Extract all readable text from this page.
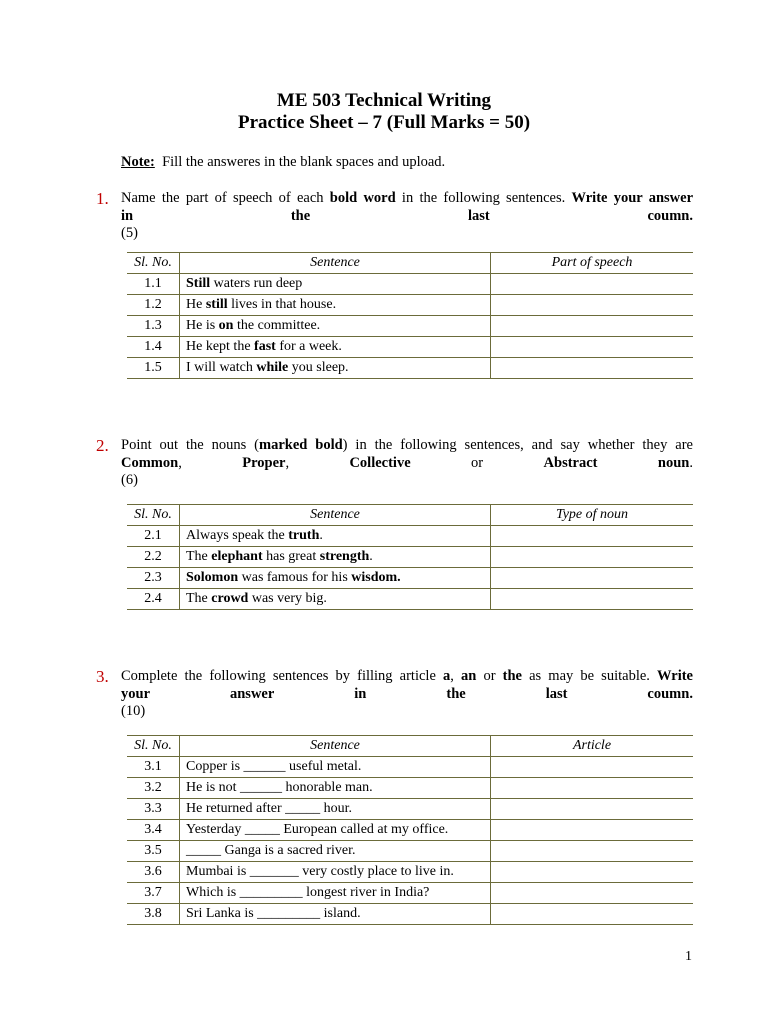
ME 503 Technical Writing
Practice Sheet – 7 (Full Marks = 50)
Note: Fill the answeres in the blank spaces and upload.
1. Name the part of speech of each bold word in the following sentences. Write your answer
in	the	last	coumn.
(5)
Sl. No.	Sentence	Part of speech
1.1	Still waters run deep	
1.2	He still lives in that house.	
1.3	He is on the committee.	
1.4	He kept the fast for a week.	
1.5	I will watch while you sleep.	
2. Point out the nouns (marked bold) in the following sentences, and say whether they are
Common,	Proper,	Collective	or	Abstract	noun.
(6)
Sl. No.	Sentence	Type of noun
2.1	Always speak the truth.	
2.2	The elephant has great strength.	
2.3	Solomon was famous for his wisdom.	
2.4	The crowd was very big.	
3. Complete the following sentences by filling article a, an or the as may be suitable. Write
your	answer	in	the	last	coumn.
(10)
Sl. No.	Sentence	Article
3.1	Copper is ______ useful metal.	
3.2	He is not ______ honorable man.	
3.3	He returned after _____ hour.	
3.4	Yesterday _____ European called at my office.	
3.5	_____ Ganga is a sacred river.	
3.6	Mumbai is _______ very costly place to live in.	
3.7	Which is _________ longest river in India?	
3.8	Sri Lanka is _________ island.	
1
